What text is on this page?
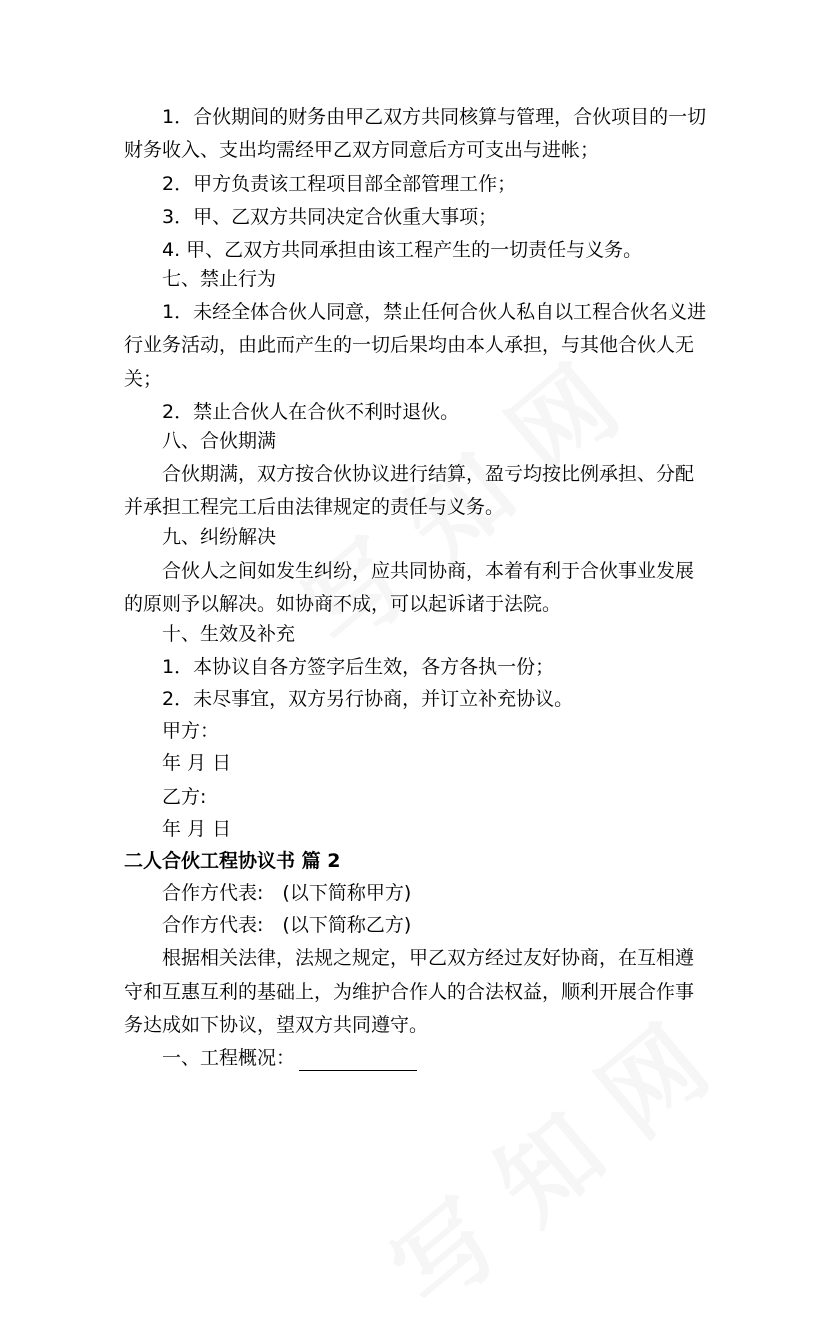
1．合伙期间的财务由甲乙双方共同核算与管理，合伙项目的一切
财务收入、支出均需经甲乙双方同意后方可支出与进帐；
2．甲方负责该工程项目部全部管理工作；
3．甲、乙双方共同决定合伙重大事项；
4. 甲、乙双方共同承担由该工程产生的一切责任与义务。
七、禁止行为
1．未经全体合伙人同意，禁止任何合伙人私自以工程合伙名义进
行业务活动，由此而产生的一切后果均由本人承担，与其他合伙人无
关；
2．禁止合伙人在合伙不利时退伙。
八、合伙期满
合伙期满，双方按合伙协议进行结算，盈亏均按比例承担、分配
并承担工程完工后由法律规定的责任与义务。
九、纠纷解决
合伙人之间如发生纠纷，应共同协商，本着有利于合伙事业发展
的原则予以解决。如协商不成，可以起诉诸于法院。
十、生效及补充
1．本协议自各方签字后生效，各方各执一份；
2．未尽事宜，双方另行协商，并订立补充协议。
甲方：
年 月 日
乙方:
年 月 日
二人合伙工程协议书 篇 2
合作方代表:　(以下简称甲方)
合作方代表:　(以下简称乙方)
根据相关法律，法规之规定，甲乙双方经过友好协商，在互相遵
守和互惠互利的基础上，为维护合作人的合法权益，顺利开展合作事
务达成如下协议，望双方共同遵守。
一、工程概况：
